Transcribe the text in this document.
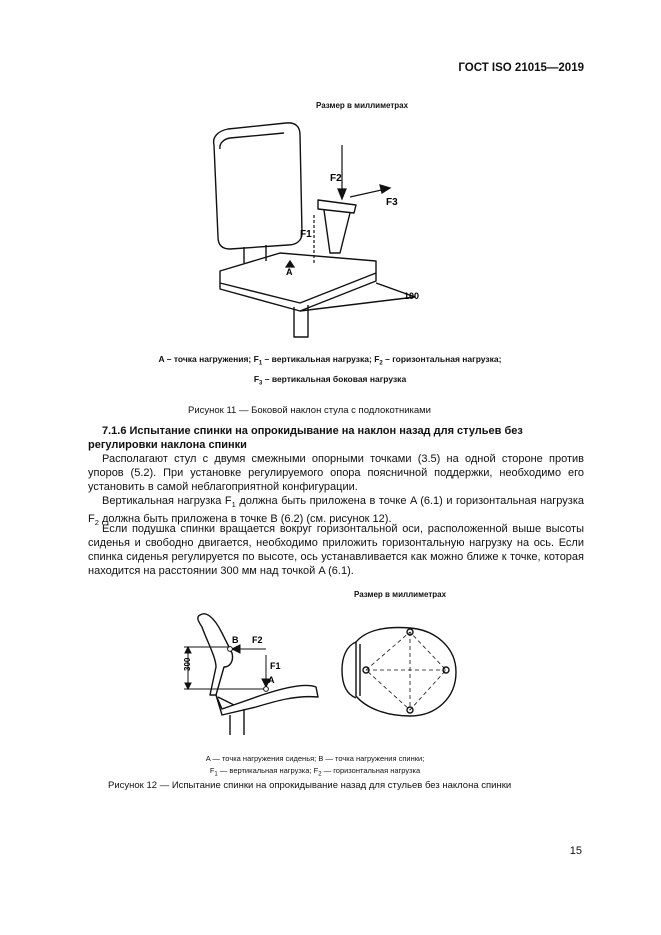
ГОСТ ISO 21015—2019
Размер в миллиметрах
F2
F3
F1
A
100
A – точка нагружения; $F_1$ – вертикальная нагрузка; $F_2$ – горизонтальная нагрузка;
$F_3$ – вертикальная боковая нагрузка
Рисунок 11 — Боковой наклон стула с подлокотниками
7.1.6 Испытание спинки на опрокидывание на наклон назад для стульев без регулировки наклона спинки
Располагают стул с двумя смежными опорными точками (3.5) на одной стороне против упоров (5.2). При установке регулируемого опора поясничной поддержки, необходимо его установить в самой неблагоприятной конфигурации.
Вертикальная нагрузка $F_1$ должна быть приложена в точке A (6.1) и горизонтальная нагрузка $F_2$ должна быть приложена в точке B (6.2) (см. рисунок 12).
Если подушка спинки вращается вокруг горизонтальной оси, расположенной выше высоты сиденья и свободно двигается, необходимо приложить горизонтальную нагрузку на ось. Если спинка сиденья регулируется по высоте, ось устанавливается как можно ближе к точке, которая находится на расстоянии 300 мм над точкой A (6.1).
Размер в миллиметрах
300
B F2
F1
A
A — точка нагружения сиденья; B — точка нагружения спинки;
$F_1$ — вертикальная нагрузка; $F_2$ — горизонтальная нагрузка
Рисунок 12 — Испытание спинки на опрокидывание назад для стульев без наклона спинки
15
